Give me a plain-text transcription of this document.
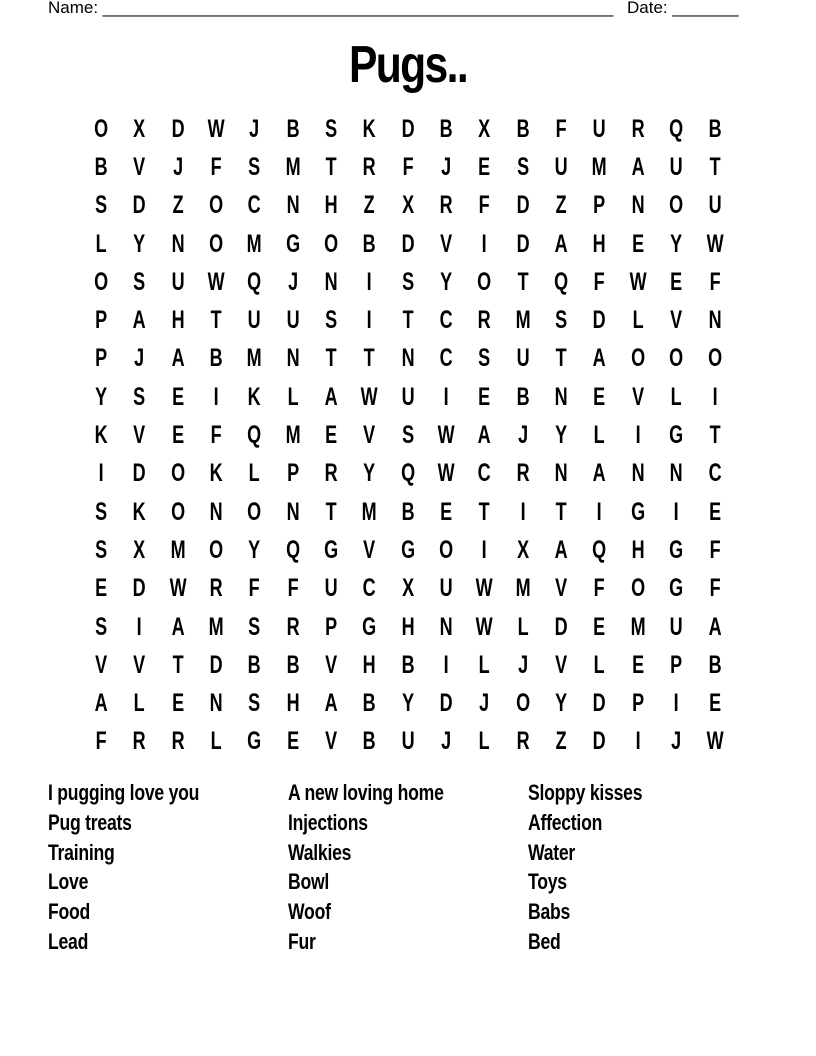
Name: ______________________________________________________ Date: _______
Pugs..
O	X	D W J	B	S	K D B	X	B	F	U R Q B
B	V	J	F	S M	T	R	F	J	E	S	U M A U	T
S	D	Z	O C N H	Z	X	R	F	D	Z	P	N O U
L	Y	N O M G O B D	V	I	D A H	E	Y W
O	S	U W Q	J	N	I	S	Y	O	T	Q	F W E	F
P	A H	T	U U	S	I	T	C R M S	D	L	V	N
P	J	A B M N	T	T	N C	S	U	T	A O O O
Y	S	E	I	K	L	A W U	I	E	B N	E	V	L	I
K	V	E	F	Q M E	V	S W A	J	Y	L	I	G	T
I	D O K	L	P	R	Y	Q W C R N A N N C
S	K O N O N	T	M B	E	T	I	T	I	G	I	E
S	X M O	Y	Q G	V	G O	I	X	A Q H G	F
E	D W R	F	F	U C	X	U W M V	F	O G	F
S	I	A M S	R	P	G H N W L	D	E M U A
V	V	T	D B B	V	H B	I	L	J	V	L	E	P	B
A	L	E	N	S	H A B	Y	D	J	O	Y	D	P	I	E
F	R R	L	G	E	V	B U	J	L	R	Z	D	I	J W
I pugging love you	A new loving home	Sloppy kisses
Pug treats	Injections	Affection
Training	Walkies	Water
Love	Bowl	Toys
Food	Woof	Babs
Lead	Fur	Bed
